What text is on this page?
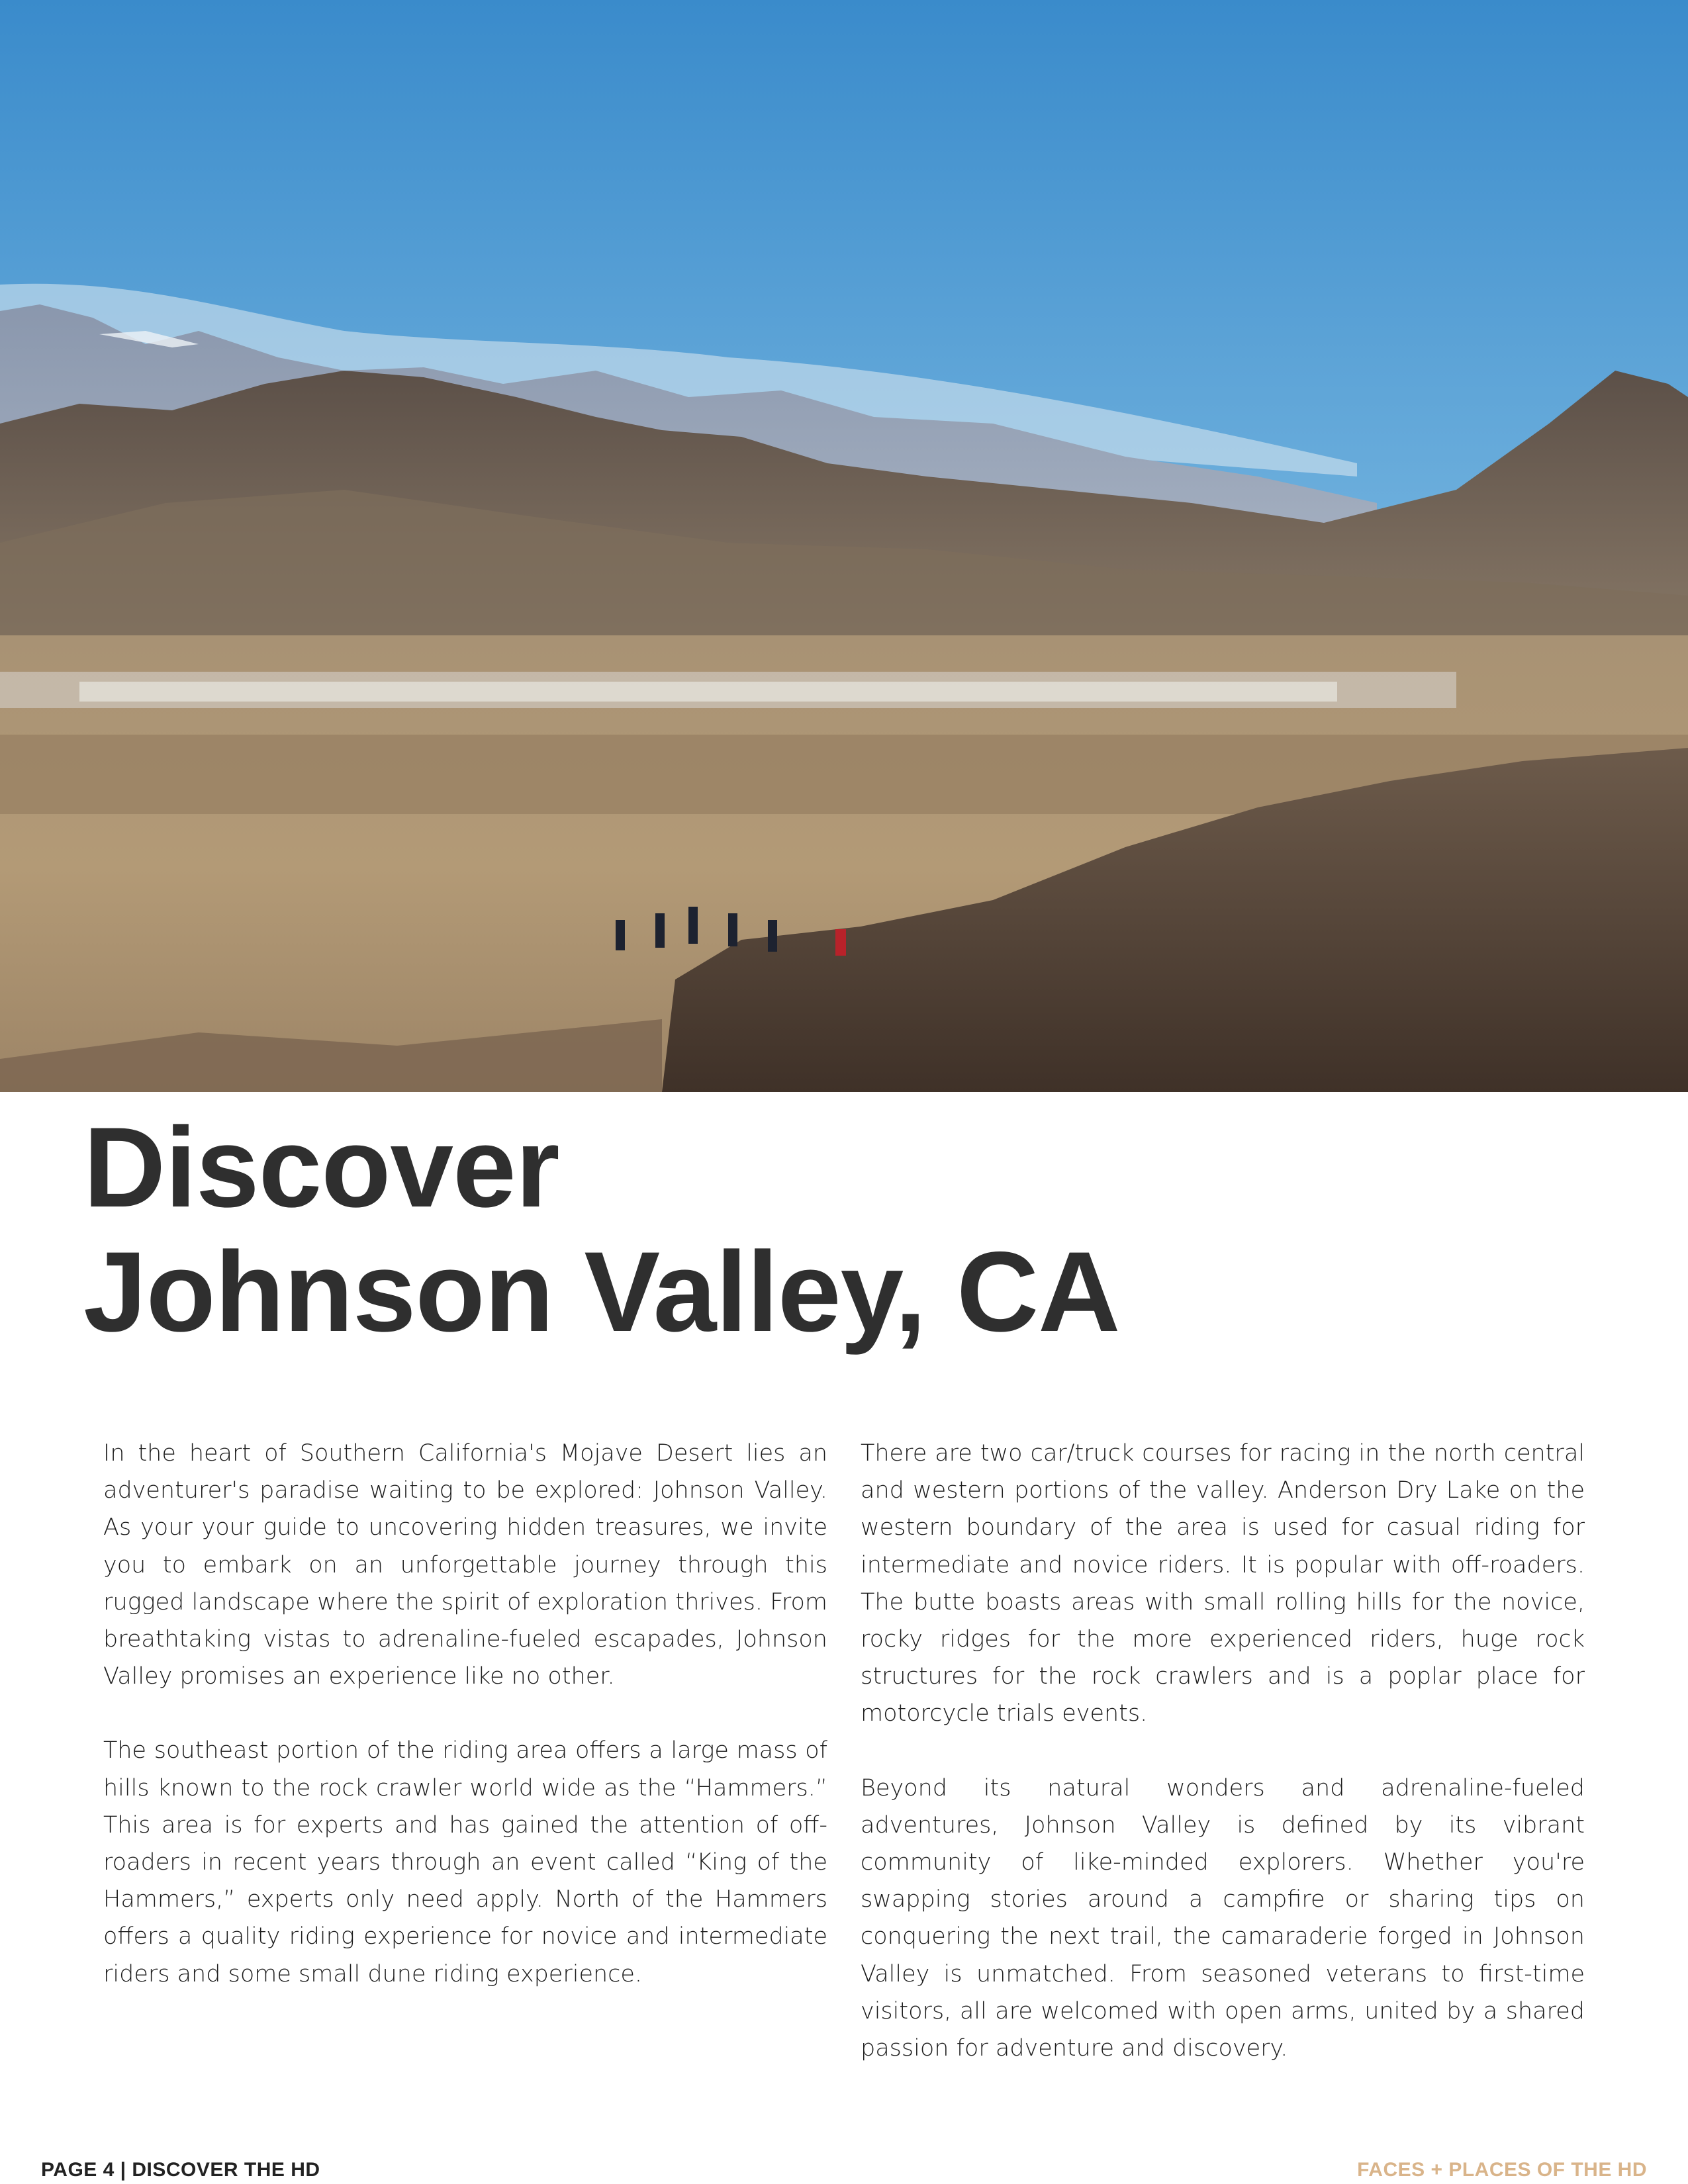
Discover
Johnson Valley, CA

In the heart of Southern California's Mojave Desert lies an adventurer's paradise waiting to be explored: Johnson Valley. As your your guide to uncovering hidden treasures, we invite you to embark on an unforgettable journey through this rugged landscape where the spirit of exploration thrives. From breathtaking vistas to adrenaline-fueled escapades, Johnson Valley promises an experience like no other.

The southeast portion of the riding area offers a large mass of hills known to the rock crawler world wide as the “Hammers.” This area is for experts and has gained the attention of off-roaders in recent years through an event called “King of the Hammers,” experts only need apply. North of the Hammers offers a quality riding experience for novice and intermediate riders and some small dune riding experience.

There are two car/truck courses for racing in the north central and western portions of the valley. Anderson Dry Lake on the western boundary of the area is used for casual riding for intermediate and novice riders. It is popular with off-roaders. The butte boasts areas with small rolling hills for the novice, rocky ridges for the more experienced riders, huge rock structures for the rock crawlers and is a poplar place for motorcycle trials events.

Beyond its natural wonders and adrenaline-fueled adventures, Johnson Valley is defined by its vibrant community of like-minded explorers. Whether you're swapping stories around a campfire or sharing tips on conquering the next trail, the camaraderie forged in Johnson Valley is unmatched. From seasoned veterans to first-time visitors, all are welcomed with open arms, united by a shared passion for adventure and discovery.

PAGE 4 | DISCOVER THE HD	FACES + PLACES OF THE HD
